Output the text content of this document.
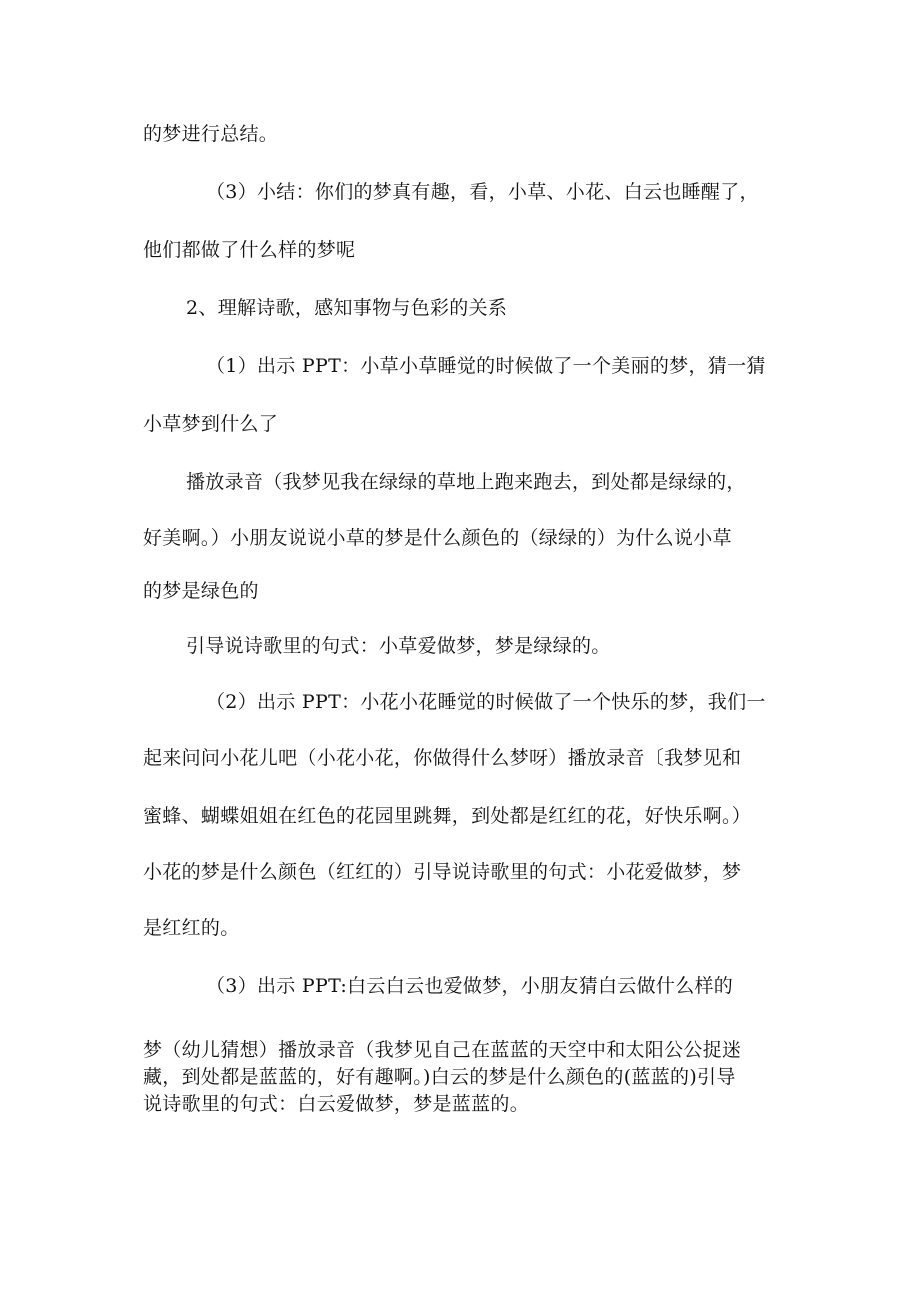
的梦进行总结。
（3）小结：你们的梦真有趣，看，小草、小花、白云也睡醒了，
他们都做了什么样的梦呢
2、理解诗歌，感知事物与色彩的关系
（1）出示 PPT：小草小草睡觉的时候做了一个美丽的梦，猜一猜
小草梦到什么了
播放录音（我梦见我在绿绿的草地上跑来跑去，到处都是绿绿的，
好美啊。）小朋友说说小草的梦是什么颜色的（绿绿的）为什么说小草
的梦是绿色的
引导说诗歌里的句式：小草爱做梦，梦是绿绿的。
（2）出示 PPT：小花小花睡觉的时候做了一个快乐的梦，我们一
起来问问小花儿吧（小花小花，你做得什么梦呀）播放录音〔我梦见和
蜜蜂、蝴蝶姐姐在红色的花园里跳舞，到处都是红红的花，好快乐啊。）
小花的梦是什么颜色（红红的）引导说诗歌里的句式：小花爱做梦，梦
是红红的。
（3）出示 PPT:白云白云也爱做梦，小朋友猜白云做什么样的
梦（幼儿猜想）播放录音（我梦见自己在蓝蓝的天空中和太阳公公捉迷
藏，到处都是蓝蓝的，好有趣啊。)白云的梦是什么颜色的(蓝蓝的)引导
说诗歌里的句式：白云爱做梦，梦是蓝蓝的。
